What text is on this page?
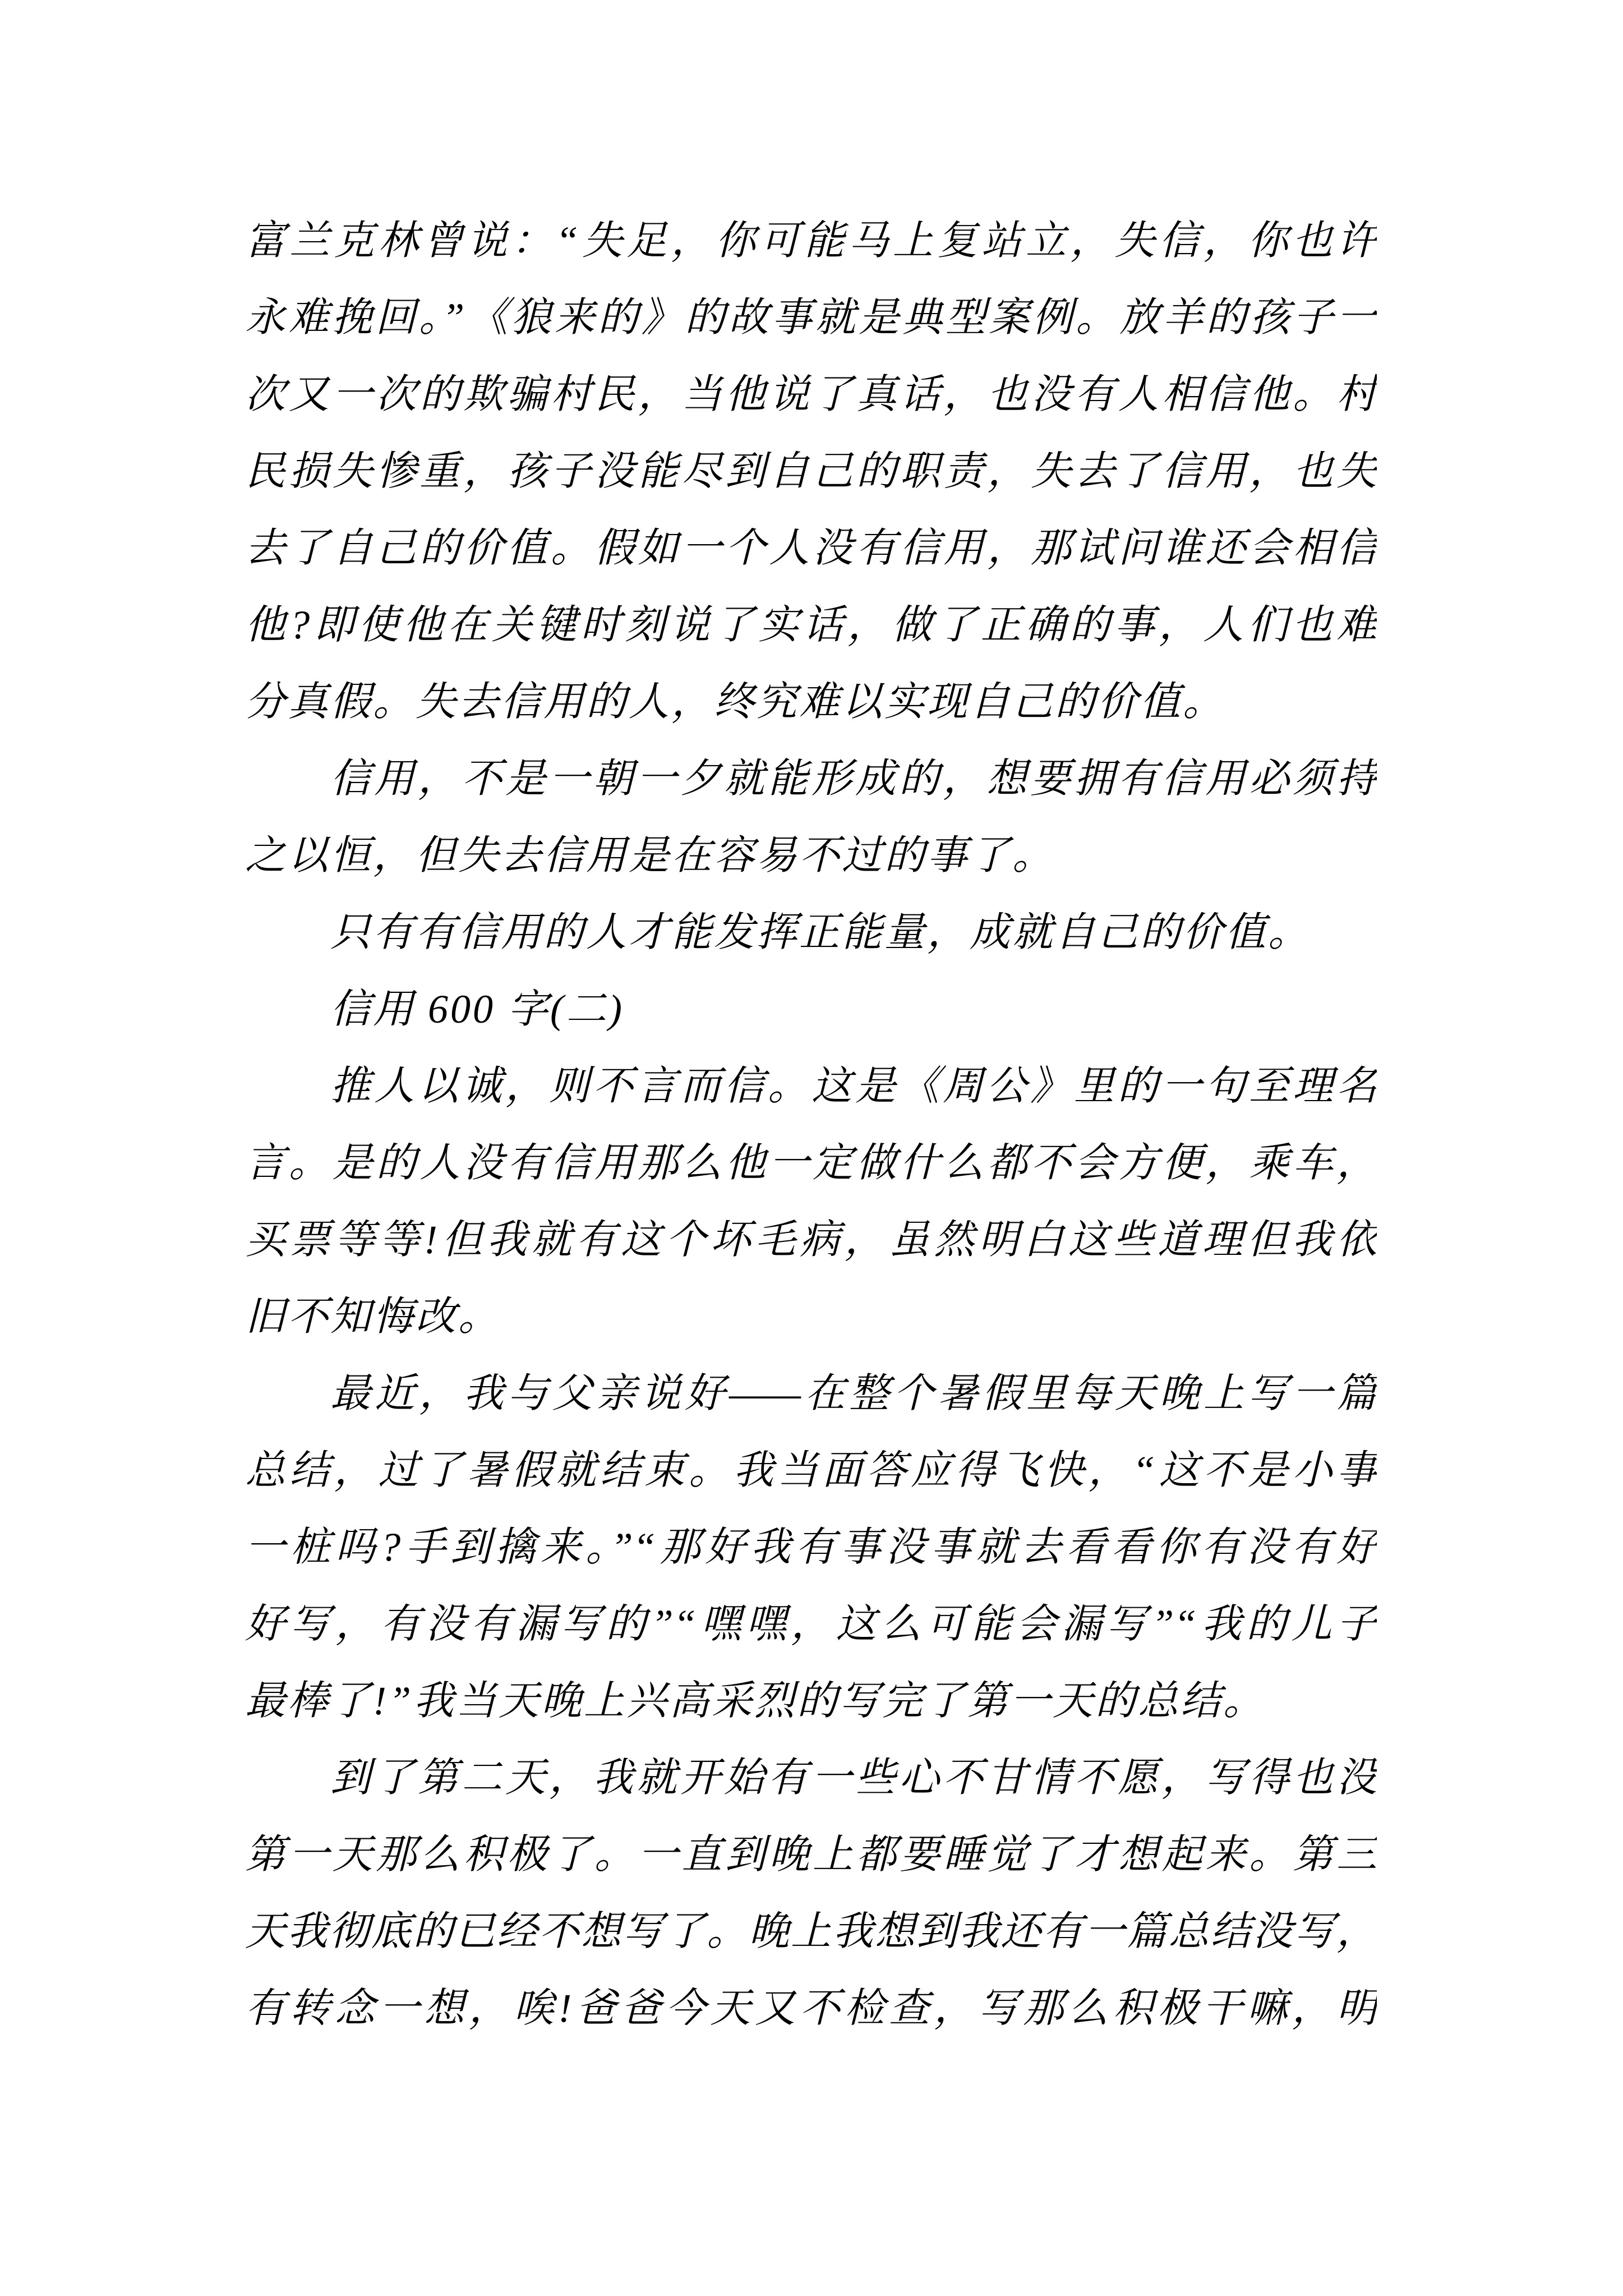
富兰克林曾说：“失足，你可能马上复站立，失信，你也许
永难挽回。”《狼来的》的故事就是典型案例。放羊的孩子一
次又一次的欺骗村民，当他说了真话，也没有人相信他。村
民损失惨重，孩子没能尽到自己的职责，失去了信用，也失
去了自己的价值。假如一个人没有信用，那试问谁还会相信
他?即使他在关键时刻说了实话，做了正确的事，人们也难
分真假。失去信用的人，终究难以实现自己的价值。
信用，不是一朝一夕就能形成的，想要拥有信用必须持
之以恒，但失去信用是在容易不过的事了。
只有有信用的人才能发挥正能量，成就自己的价值。
信用 600 字(二)
推人以诚，则不言而信。这是《周公》里的一句至理名
言。是的人没有信用那么他一定做什么都不会方便，乘车，
买票等等!但我就有这个坏毛病，虽然明白这些道理但我依
旧不知悔改。
最近，我与父亲说好——在整个暑假里每天晚上写一篇
总结，过了暑假就结束。我当面答应得飞快，“这不是小事
一桩吗?手到擒来。”“那好我有事没事就去看看你有没有好
好写，有没有漏写的”“嘿嘿，这么可能会漏写”“我的儿子
最棒了!”我当天晚上兴高采烈的写完了第一天的总结。
到了第二天，我就开始有一些心不甘情不愿，写得也没
第一天那么积极了。一直到晚上都要睡觉了才想起来。第三
天我彻底的已经不想写了。晚上我想到我还有一篇总结没写，
有转念一想，唉!爸爸今天又不检查，写那么积极干嘛，明
